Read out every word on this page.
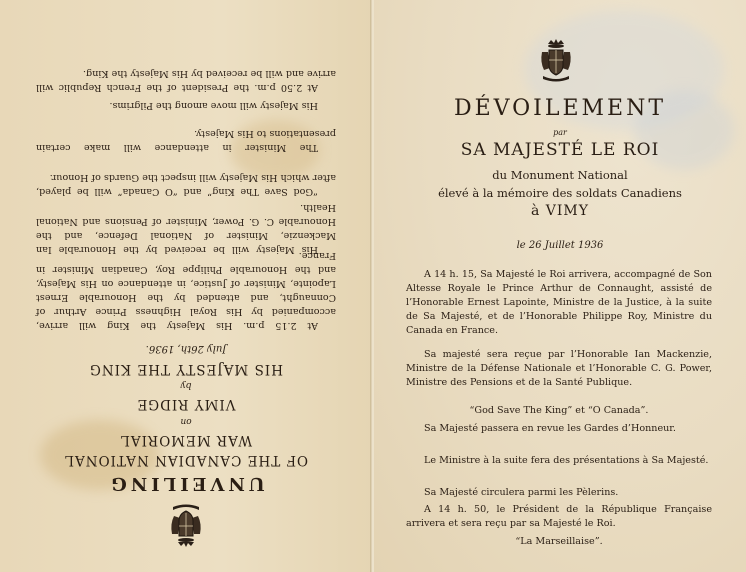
UNVEILING
OF THE CANADIAN NATIONAL
WAR MEMORIAL
on
VIMY RIDGE
by
HIS MAJESTY THE KING
July 26th, 1936.
At 2.15 p.m. His Majesty the King will arrive, accompanied by His Royal Highness Prince Arthur of Connaught, and attended by the Honourable Ernest Lapointe, Minister of Justice, in attendance on His Majesty, and the Honourable Philippe Roy, Canadian Minister in France.
His Majesty will be received by the Honourable Ian Mackenzie, Minister of National Defence, and the Honourable C. G. Power, Minister of Pensions and National Health.
“God Save The King” and “O Canada” will be played, after which His Majesty will inspect the Guards of Honour.
The Minister in attendance will make certain presentations to His Majesty.
His Majesty will move among the Pilgrims.
At 2.50 p.m. the President of the French Republic will arrive and will be received by His Majesty the King.
DÉVOILEMENT
par
SA MAJESTÉ LE ROI
du Monument National
élevé à la mémoire des soldats Canadiens
à VIMY
le 26 Juillet 1936
A 14 h. 15, Sa Majesté le Roi arrivera, accompagné de Son Altesse Royale le Prince Arthur de Connaught, assisté de l’Honorable Ernest Lapointe, Ministre de la Justice, à la suite de Sa Majesté, et de l’Honorable Philippe Roy, Ministre du Canada en France.
Sa majesté sera reçue par l’Honorable Ian Mackenzie, Ministre de la Défense Nationale et l’Honorable C. G. Power, Ministre des Pensions et de la Santé Publique.
“God Save The King” et “O Canada”.
Sa Majesté passera en revue les Gardes d’Honneur.
Le Ministre à la suite fera des présentations à Sa Majesté.
Sa Majesté circulera parmi les Pèlerins.
A 14 h. 50, le Président de la République Française arrivera et sera reçu par sa Majesté le Roi.
“La Marseillaise”.
